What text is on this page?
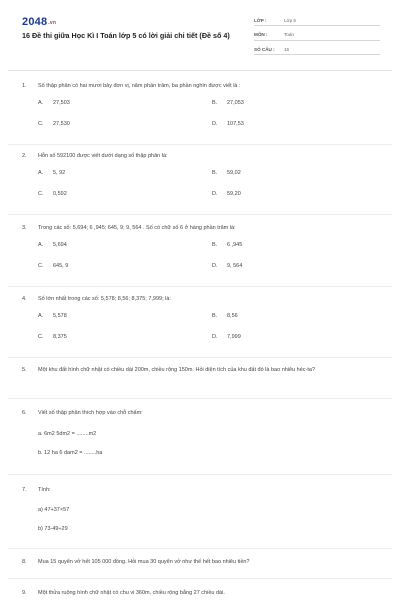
2048.vn
16 Đề thi giữa Học Kì I Toán lớp 5 có lời giải chi tiết (Đề số 4)
LỚP :	Lớp 5
MÔN :	Toán
SỐ CÂU :	16
1.	Số thập phân có hai mươi bảy đơn vị, năm phần trăm, ba phần nghìn được viết là :
A. 27,503	B. 27,053
C. 27,530	D. 107,53
2.	Hỗn số 592100 được viết dưới dạng số thập phân là:
A. 5, 92	B. 59,02
C. 0,592	D. 59,20
3.	Trong các số: 5,694; 6 ,945; 645, 9; 9, 564 . Số có chữ số 6 ở hàng phần trăm là:
A. 5,694	B. 6 ,945
C. 645, 9	D. 9, 564
4.	Số lớn nhất trong các số: 5,578; 8,56; 8,375; 7,999; là:
A. 5,578	B. 8,56
C. 8,375	D. 7,999
5.	Một khu đất hình chữ nhật có chiều dài 200m, chiều rộng 150m. Hỏi diện tích của khu đất đó là bao nhiêu héc-ta?
6.	Viết số thập phân thích hợp vào chỗ chấm:
a. 6m2 5dm2 = ........m2
b. 12 ha 6 dam2 = ........ha
7.	Tính:
a) 47+37×57
b) 73-49÷29
8.	Mua 15 quyển vở hết 105 000 đồng. Hỏi mua 30 quyển vở như thế hết bao nhiêu tiền?
9.	Một thửa ruộng hình chữ nhật có chu vi 360m, chiều rộng bằng 27 chiều dài.
